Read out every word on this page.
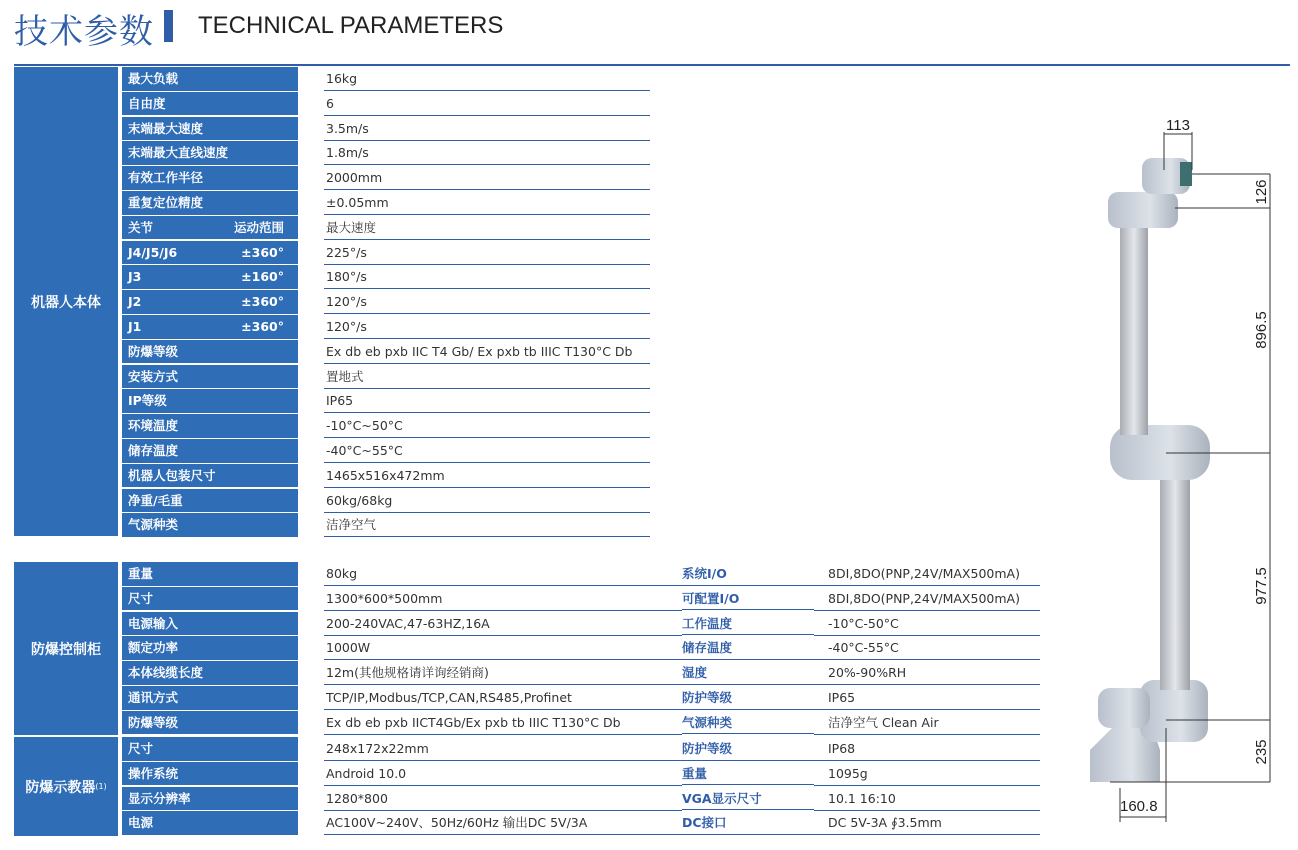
技术参数 TECHNICAL PARAMETERS
机器人本体
最大负载	16kg
自由度	6
末端最大速度	3.5m/s
末端最大直线速度	1.8m/s
有效工作半径	2000mm
重复定位精度	±0.05mm
关节	运动范围	最大速度
J4/J5/J6	±360°	225°/s
J3	±160°	180°/s
J2	±360°	120°/s
J1	±360°	120°/s
防爆等级	Ex db eb pxb IIC T4 Gb/ Ex pxb tb IIIC T130°C Db
安装方式	置地式
IP等级	IP65
环境温度	-10°C~50°C
储存温度	-40°C~55°C
机器人包装尺寸	1465x516x472mm
净重/毛重	60kg/68kg
气源种类	洁净空气
防爆控制柜
重量	80kg	系统I/O	8DI,8DO(PNP,24V/MAX500mA)
尺寸	1300*600*500mm	可配置I/O	8DI,8DO(PNP,24V/MAX500mA)
电源输入	200-240VAC,47-63HZ,16A	工作温度	-10°C-50°C
额定功率	1000W	储存温度	-40°C-55°C
本体线缆长度	12m(其他规格请详询经销商)	湿度	20%-90%RH
通讯方式	TCP/IP,Modbus/TCP,CAN,RS485,Profinet	防护等级	IP65
防爆等级	Ex db eb pxb IICT4Gb/Ex pxb tb IIIC T130°C Db	气源种类	洁净空气 Clean Air
防爆示教器 (1)
尺寸	248x172x22mm	防护等级	IP68
操作系统	Android 10.0	重量	1095g
显示分辨率	1280*800	VGA显示尺寸	10.1 16:10
电源	AC100V~240V、50Hz/60Hz 输出DC 5V/3A	DC接口	DC 5V-3A ∮3.5mm
113
126
896.5
977.5
235
160.8
